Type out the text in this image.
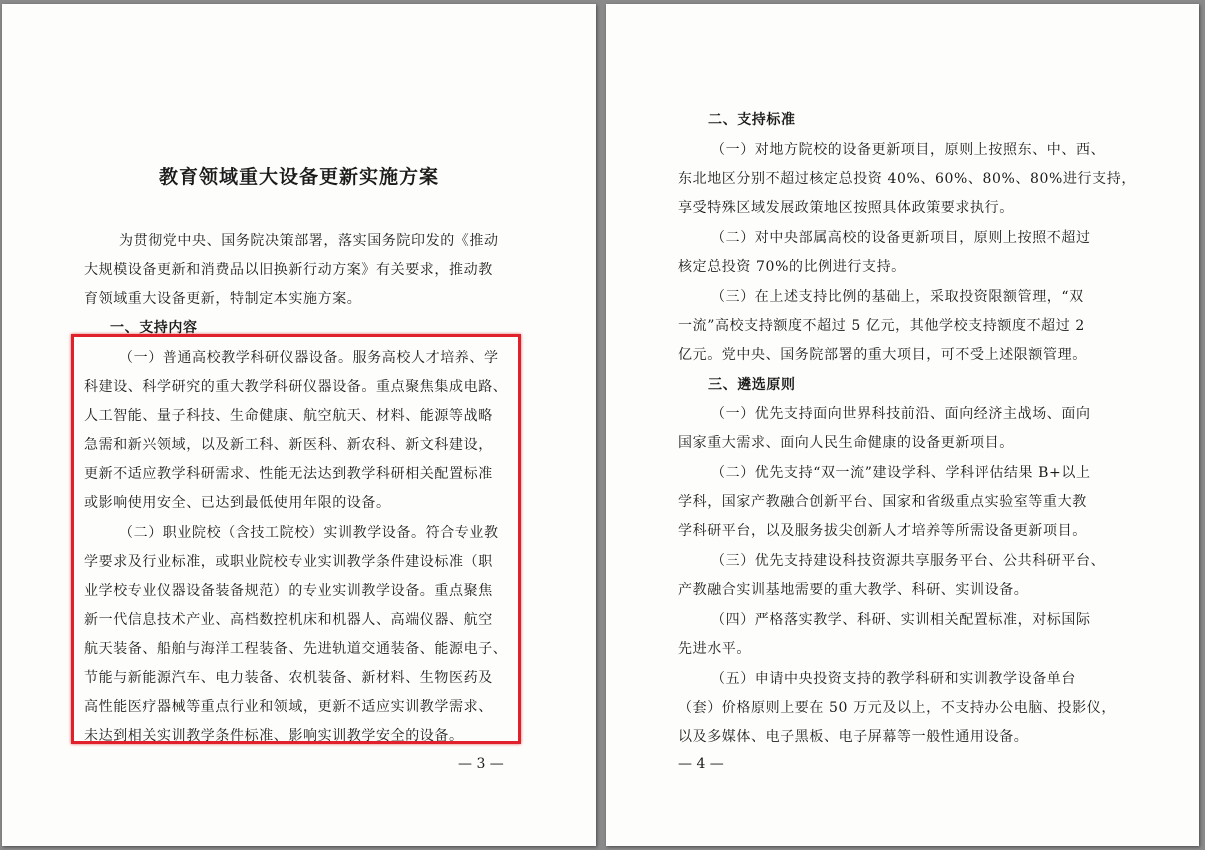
教育领域重大设备更新实施方案
为贯彻党中央、国务院决策部署，落实国务院印发的《推动
大规模设备更新和消费品以旧换新行动方案》有关要求，推动教
育领域重大设备更新，特制定本实施方案。
一、支持内容
（一）普通高校教学科研仪器设备。服务高校人才培养、学
科建设、科学研究的重大教学科研仪器设备。重点聚焦集成电路、
人工智能、量子科技、生命健康、航空航天、材料、能源等战略
急需和新兴领域，以及新工科、新医科、新农科、新文科建设，
更新不适应教学科研需求、性能无法达到教学科研相关配置标准
或影响使用安全、已达到最低使用年限的设备。
（二）职业院校（含技工院校）实训教学设备。符合专业教
学要求及行业标准，或职业院校专业实训教学条件建设标准（职
业学校专业仪器设备装备规范）的专业实训教学设备。重点聚焦
新一代信息技术产业、高档数控机床和机器人、高端仪器、航空
航天装备、船舶与海洋工程装备、先进轨道交通装备、能源电子、
节能与新能源汽车、电力装备、农机装备、新材料、生物医药及
高性能医疗器械等重点行业和领域，更新不适应实训教学需求、
未达到相关实训教学条件标准、影响实训教学安全的设备。
— 3 —
二、支持标准
（一）对地方院校的设备更新项目，原则上按照东、中、西、
东北地区分别不超过核定总投资 40%、60%、80%、80%进行支持，
享受特殊区域发展政策地区按照具体政策要求执行。
（二）对中央部属高校的设备更新项目，原则上按照不超过
核定总投资 70%的比例进行支持。
（三）在上述支持比例的基础上，采取投资限额管理，“双
一流”高校支持额度不超过 5 亿元，其他学校支持额度不超过 2
亿元。党中央、国务院部署的重大项目，可不受上述限额管理。
三、遴选原则
（一）优先支持面向世界科技前沿、面向经济主战场、面向
国家重大需求、面向人民生命健康的设备更新项目。
（二）优先支持“双一流”建设学科、学科评估结果 B+以上
学科，国家产教融合创新平台、国家和省级重点实验室等重大教
学科研平台，以及服务拔尖创新人才培养等所需设备更新项目。
（三）优先支持建设科技资源共享服务平台、公共科研平台、
产教融合实训基地需要的重大教学、科研、实训设备。
（四）严格落实教学、科研、实训相关配置标准，对标国际
先进水平。
（五）申请中央投资支持的教学科研和实训教学设备单台
（套）价格原则上要在 50 万元及以上，不支持办公电脑、投影仪，
以及多媒体、电子黑板、电子屏幕等一般性通用设备。
— 4 —
